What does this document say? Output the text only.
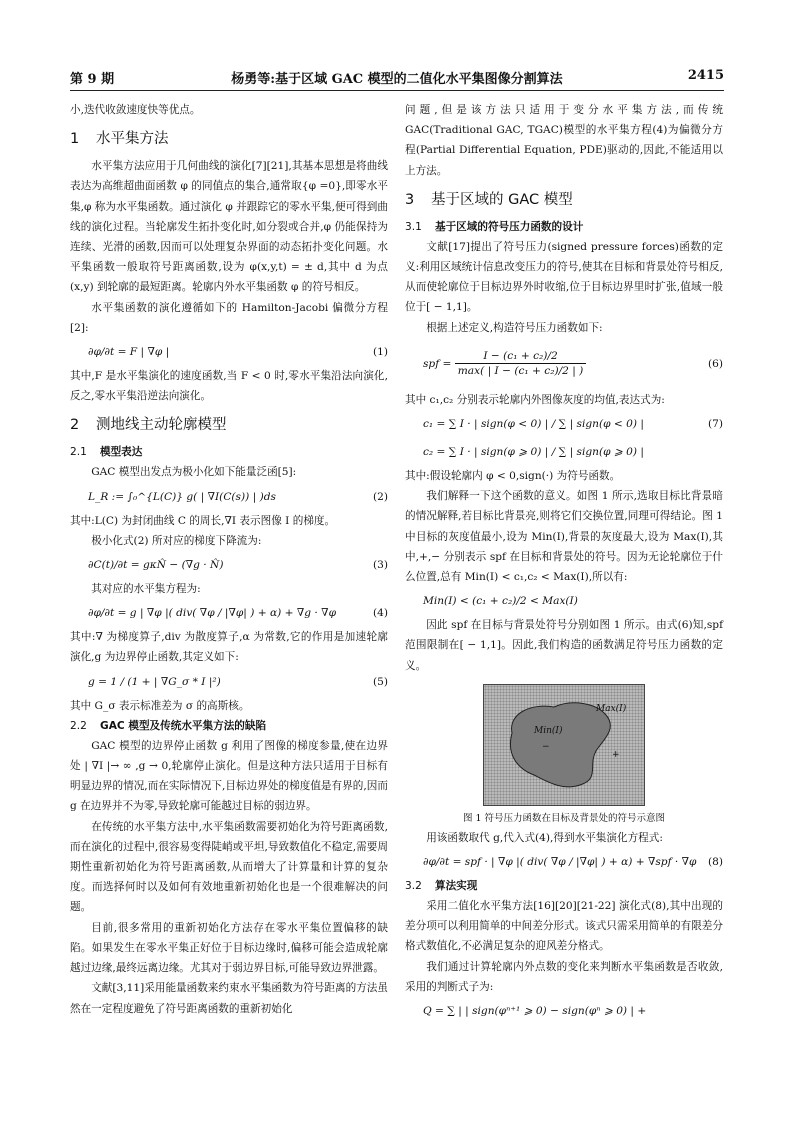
第 9 期	杨勇等:基于区域 GAC 模型的二值化水平集图像分割算法	2415

小,迭代收敛速度快等优点。

1 水平集方法

水平集方法应用于几何曲线的演化[7][21],其基本思想是将曲线表达为高维超曲面函数 φ 的同值点的集合,通常取{φ =0},即零水平集,φ 称为水平集函数。通过演化 φ 并跟踪它的零水平集,便可得到曲线的演化过程。当轮廓发生拓扑变化时,如分裂或合并,φ 仍能保持为连续、光滑的函数,因而可以处理复杂界面的动态拓扑变化问题。水平集函数一般取符号距离函数,设为 φ(x,y,t) = ± d,其中 d 为点(x,y) 到轮廓的最短距离。轮廓内外水平集函数 φ 的符号相反。

水平集函数的演化遵循如下的 Hamilton-Jacobi 偏微分方程[2]:

∂φ/∂t = F | ∇φ |	(1)

其中,F 是水平集演化的速度函数,当 F < 0 时,零水平集沿法向演化,反之,零水平集沿逆法向演化。

2 测地线主动轮廓模型
2.1 模型表达

GAC 模型出发点为极小化如下能量泛函[5]:

L_R := ∫₀^{L(C)} g( | ∇I(C(s)) | )ds	(2)

其中:L(C) 为封闭曲线 C 的周长,∇I 表示图像 I 的梯度。

极小化式(2) 所对应的梯度下降流为:

∂C(t)/∂t = gκN̂ − (∇g · N̂)	(3)

其对应的水平集方程为:

∂φ/∂t = g | ∇φ |( div( ∇φ / |∇φ| ) + α) + ∇g · ∇φ	(4)

其中:∇ 为梯度算子,div 为散度算子,α 为常数,它的作用是加速轮廓演化,g 为边界停止函数,其定义如下:

g = 1 / (1 + | ∇G_σ * I |²)	(5)

其中 G_σ 表示标准差为 σ 的高斯核。

2.2 GAC 模型及传统水平集方法的缺陷

GAC 模型的边界停止函数 g 利用了图像的梯度参量,使在边界处 | ∇I |→ ∞ ,g → 0,轮廓停止演化。但是这种方法只适用于目标有明显边界的情况,而在实际情况下,目标边界处的梯度值是有界的,因而 g 在边界并不为零,导致轮廓可能越过目标的弱边界。

在传统的水平集方法中,水平集函数需要初始化为符号距离函数,而在演化的过程中,很容易变得陡峭或平坦,导致数值化不稳定,需要周期性重新初始化为符号距离函数,从而增大了计算量和计算的复杂度。而选择何时以及如何有效地重新初始化也是一个很难解决的问题。

目前,很多常用的重新初始化方法存在零水平集位置偏移的缺陷。如果发生在零水平集正好位于目标边缘时,偏移可能会造成轮廓越过边缘,最终远离边缘。尤其对于弱边界目标,可能导致边界泄露。

文献[3,11]采用能量函数来约束水平集函数为符号距离的方法虽然在一定程度避免了符号距离函数的重新初始化

问题,但是该方法只适用于变分水平集方法,而传统 GAC(Traditional GAC, TGAC)模型的水平集方程(4)为偏微分方程(Partial Differential Equation, PDE)驱动的,因此,不能适用以上方法。

3 基于区域的 GAC 模型
3.1 基于区域的符号压力函数的设计

文献[17]提出了符号压力(signed pressure forces)函数的定义:利用区域统计信息改变压力的符号,使其在目标和背景处符号相反,从而使轮廓位于目标边界外时收缩,位于目标边界里时扩张,值域一般位于[ − 1,1]。

根据上述定义,构造符号压力函数如下:

spf = $\frac{\text{I − (c₁ + c₂)/2}}{\text{max( | I − (c₁ + c₂)/2 | )}}$	(6)

其中 c₁,c₂ 分别表示轮廓内外图像灰度的均值,表达式为:

c₁ = ∑ I · | sign(φ < 0) | / ∑ | sign(φ < 0) |	(7)
c₂ = ∑ I · | sign(φ ⩾ 0) | / ∑ | sign(φ ⩾ 0) |

其中:假设轮廓内 φ < 0,sign(·) 为符号函数。

我们解释一下这个函数的意义。如图 1 所示,选取目标比背景暗的情况解释,若目标比背景亮,则将它们交换位置,同理可得结论。图 1 中目标的灰度值最小,设为 Min(I),背景的灰度最大,设为 Max(I),其中,+,− 分别表示 spf 在目标和背景处的符号。因为无论轮廓位于什么位置,总有 Min(I) < c₁,c₂ < Max(I),所以有:

Min(I) < (c₁ + c₂)/2 < Max(I)

因此 spf 在目标与背景处符号分别如图 1 所示。由式(6)知,spf 范围限制在[ − 1,1]。因此,我们构造的函数满足符号压力函数的定义。

Max(I)
Min(I)
−
+
图 1 符号压力函数在目标及背景处的符号示意图

用该函数取代 g,代入式(4),得到水平集演化方程式:

∂φ/∂t = spf · | ∇φ |( div( ∇φ / |∇φ| ) + α) + ∇spf · ∇φ (8)
3.2 算法实现

采用二值化水平集方法[16][20][21-22] 演化式(8),其中出现的差分项可以利用简单的中间差分形式。该式只需采用简单的有限差分格式数值化,不必满足复杂的迎风差分格式。

我们通过计算轮廓内外点数的变化来判断水平集函数是否收敛,采用的判断式子为:

Q = ∑ | | sign(φⁿ⁺¹ ⩾ 0) − sign(φⁿ ⩾ 0) | +
